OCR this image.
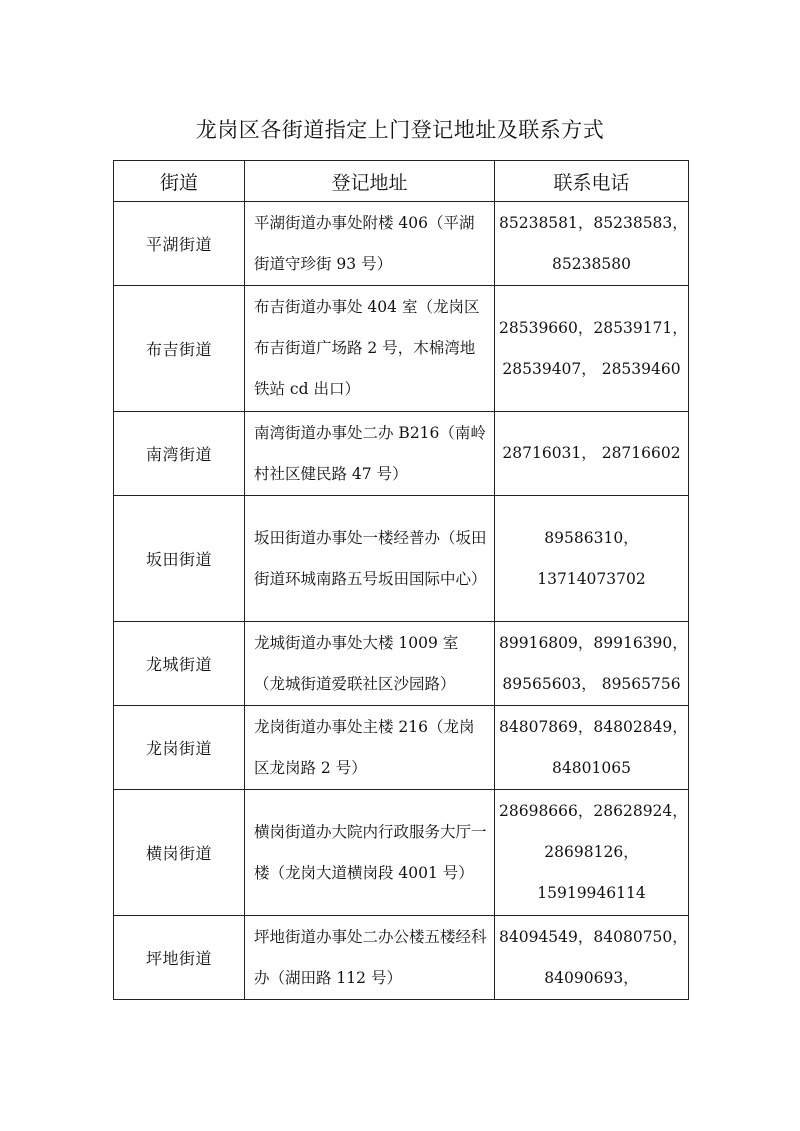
龙岗区各街道指定上门登记地址及联系方式
街道	登记地址	联系电话
平湖街道	平湖街道办事处附楼 406（平湖街道守珍街 93 号）	85238581，85238583，
85238580

布吉街道	布吉街道办事处 404 室（龙岗区布吉街道广场路 2 号，木棉湾地铁站 cd 出口）	28539660，28539171，
28539407， 28539460

南湾街道	南湾街道办事处二办 B216（南岭村社区健民路 47 号）	28716031， 28716602

坂田街道	坂田街道办事处一楼经普办（坂田街道环城南路五号坂田国际中心）	89586310，
13714073702

龙城街道	龙城街道办事处大楼 1009 室（龙城街道爱联社区沙园路）	89916809，89916390，
89565603， 89565756

龙岗街道	龙岗街道办事处主楼 216（龙岗区龙岗路 2 号）	84807869，84802849，
84801065

横岗街道	横岗街道办大院内行政服务大厅一楼（龙岗大道横岗段 4001 号）	28698666，28628924，
28698126，
15919946114

坪地街道	坪地街道办事处二办公楼五楼经科办（湖田路 112 号）	84094549，84080750，
84090693，
